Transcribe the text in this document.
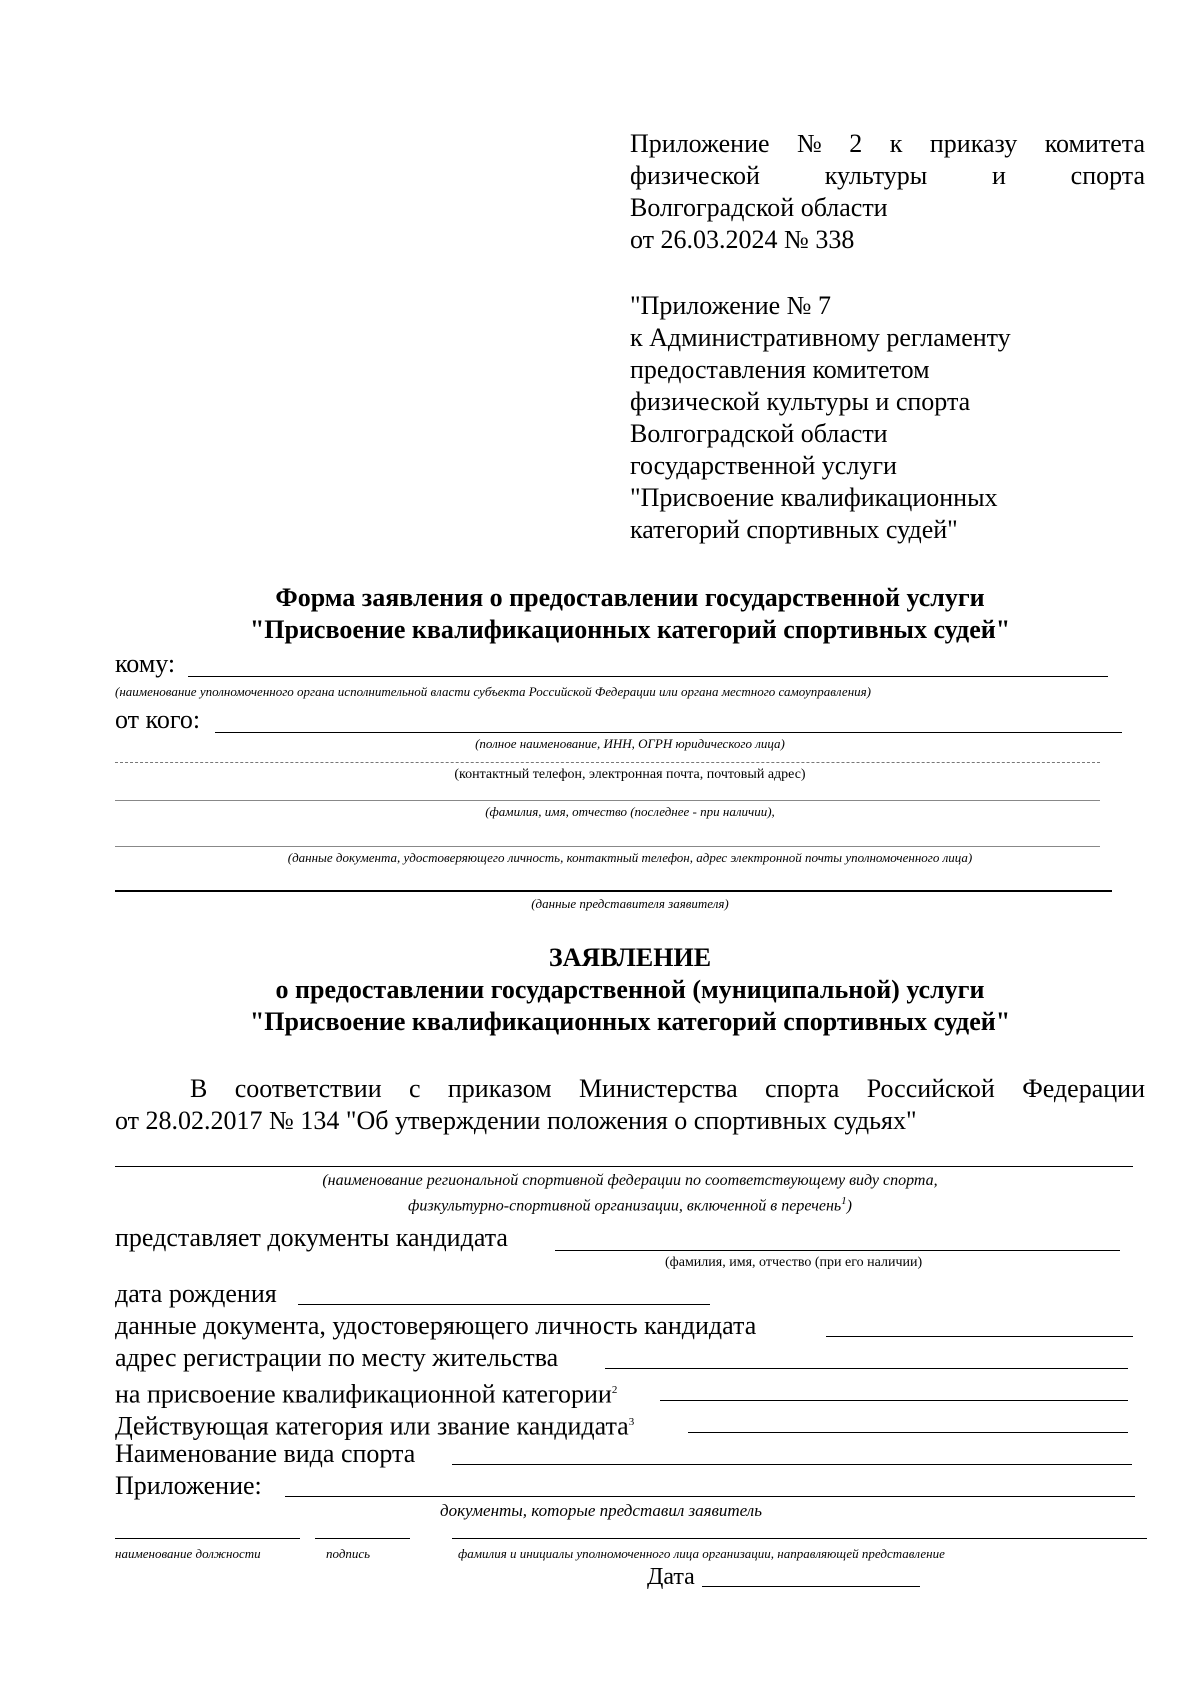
Приложение № 2 к приказу комитета
физической культуры и спорта
Волгоградской области
от 26.03.2024 № 338
"Приложение № 7
к Административному регламенту
предоставления комитетом
физической культуры и спорта
Волгоградской области
государственной услуги
"Присвоение квалификационных
категорий спортивных судей"
Форма заявления о предоставлении государственной услуги
"Присвоение квалификационных категорий спортивных судей"
кому:
(наименование уполномоченного органа исполнительной власти субъекта Российской Федерации или органа местного самоуправления)
от кого:
(полное наименование, ИНН, ОГРН юридического лица)
(контактный телефон, электронная почта, почтовый адрес)
(фамилия, имя, отчество (последнее - при наличии),
(данные документа, удостоверяющего личность, контактный телефон, адрес электронной почты уполномоченного лица)
(данные представителя заявителя)
ЗАЯВЛЕНИЕ
о предоставлении государственной (муниципальной) услуги
"Присвоение квалификационных категорий спортивных судей"
В соответствии с приказом Министерства спорта Российской Федерации
от 28.02.2017 № 134 "Об утверждении положения о спортивных судьях"
(наименование региональной спортивной федерации по соответствующему виду спорта,
физкультурно-спортивной организации, включенной в перечень$^1$)
представляет документы кандидата
(фамилия, имя, отчество (при его наличии)
дата рождения
данные документа, удостоверяющего личность кандидата
адрес регистрации по месту жительства
на присвоение квалификационной категории$^2$
Действующая категория или звание кандидата$^3$
Наименование вида спорта
Приложение:
документы, которые представил заявитель
наименование должности	подпись	фамилия и инициалы уполномоченного лица организации, направляющей представление
Дата
